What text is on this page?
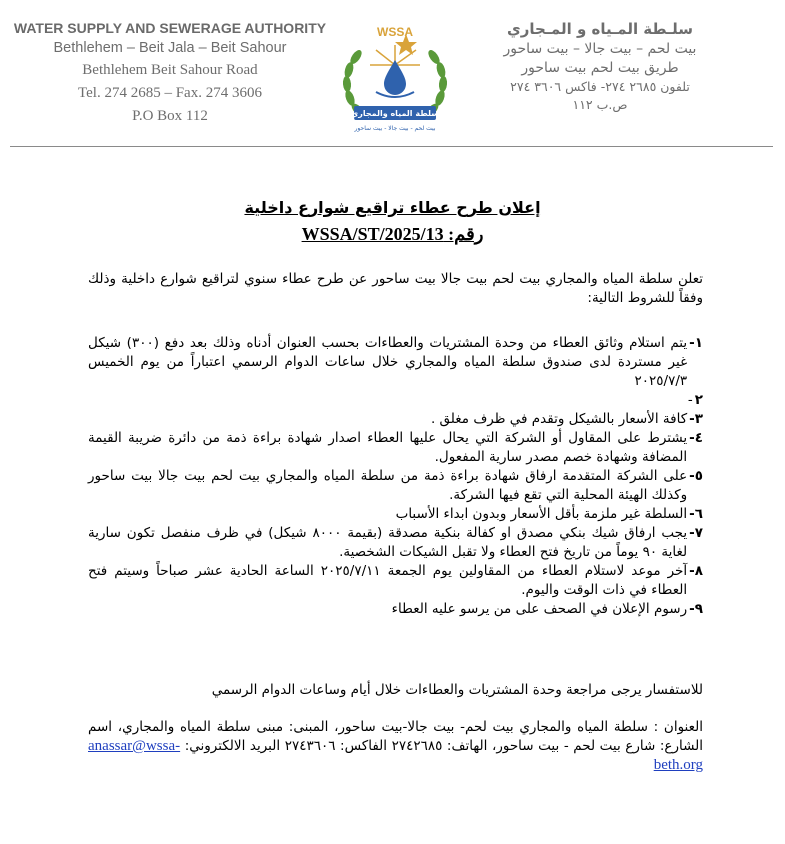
WATER SUPPLY AND SEWERAGE AUTHORITY
Bethlehem – Beit Jala – Beit Sahour
Bethlehem Beit Sahour Road
Tel. 274 2685 – Fax. 274 3606
P.O Box 112
WSSA
سلطة المياه والمجاري
بيت لحم - بيت جالا - بيت ساحور
سلـطة المـياه و المـجاري
بيت لحم – بيت جالا – بيت ساحور
طريق بيت لحم بيت ساحور
تلفون ٢٦٨٥ ٢٧٤- فاكس ٣٦٠٦ ٢٧٤
ص.ب ١١٢
إعلان طرح عطاء تراقيع شوارع داخلية
رقم: WSSA/ST/2025/13
تعلن سلطة المياه والمجاري بيت لحم بيت جالا بيت ساحور عن طرح عطاء سنوي لتراقيع شوارع داخلية وذلك وفقاً للشروط التالية:
١-
يتم استلام وثائق العطاء من وحدة المشتريات والعطاءات بحسب العنوان أدناه وذلك بعد دفع (٣٠٠) شيكل غير مستردة لدى صندوق سلطة المياه والمجاري خلال ساعات الدوام الرسمي اعتباراً من يوم الخميس ٢٠٢٥/٧/٣
٢
-
٣-
كافة الأسعار بالشيكل وتقدم في ظرف مغلق .
٤-
يشترط على المقاول أو الشركة التي يحال عليها العطاء اصدار شهادة براءة ذمة من دائرة ضريبة القيمة المضافة وشهادة خصم مصدر سارية المفعول.
٥-
على الشركة المتقدمة ارفاق شهادة براءة ذمة من سلطة المياه والمجاري بيت لحم بيت جالا بيت ساحور وكذلك الهيئة المحلية التي تقع فيها الشركة.
٦-
السلطة غير ملزمة بأقل الأسعار وبدون ابداء الأسباب
٧-
يجب ارفاق شيك بنكي مصدق او كفالة بنكية مصدقة (بقيمة ٨٠٠٠ شيكل) في ظرف منفصل تكون سارية لغاية ٩٠ يوماً من تاريخ فتح العطاء ولا تقبل الشيكات الشخصية.
٨-
آخر موعد لاستلام العطاء من المقاولين يوم الجمعة ٢٠٢٥/٧/١١ الساعة الحادية عشر صباحاً وسيتم فتح العطاء في ذات الوقت واليوم.
٩-
رسوم الإعلان في الصحف على من يرسو عليه العطاء
للاستفسار يرجى مراجعة وحدة المشتريات والعطاءات خلال أيام وساعات الدوام الرسمي
العنوان : سلطة المياه والمجاري بيت لحم- بيت جالا-بيت ساحور، المبنى: مبنى سلطة المياه والمجاري، اسم الشارع: شارع بيت لحم - بيت ساحور، الهاتف: ٢٧٤٢٦٨٥ الفاكس: ٢٧٤٣٦٠٦ البريد الالكتروني: anassar@wssa-beth.org
